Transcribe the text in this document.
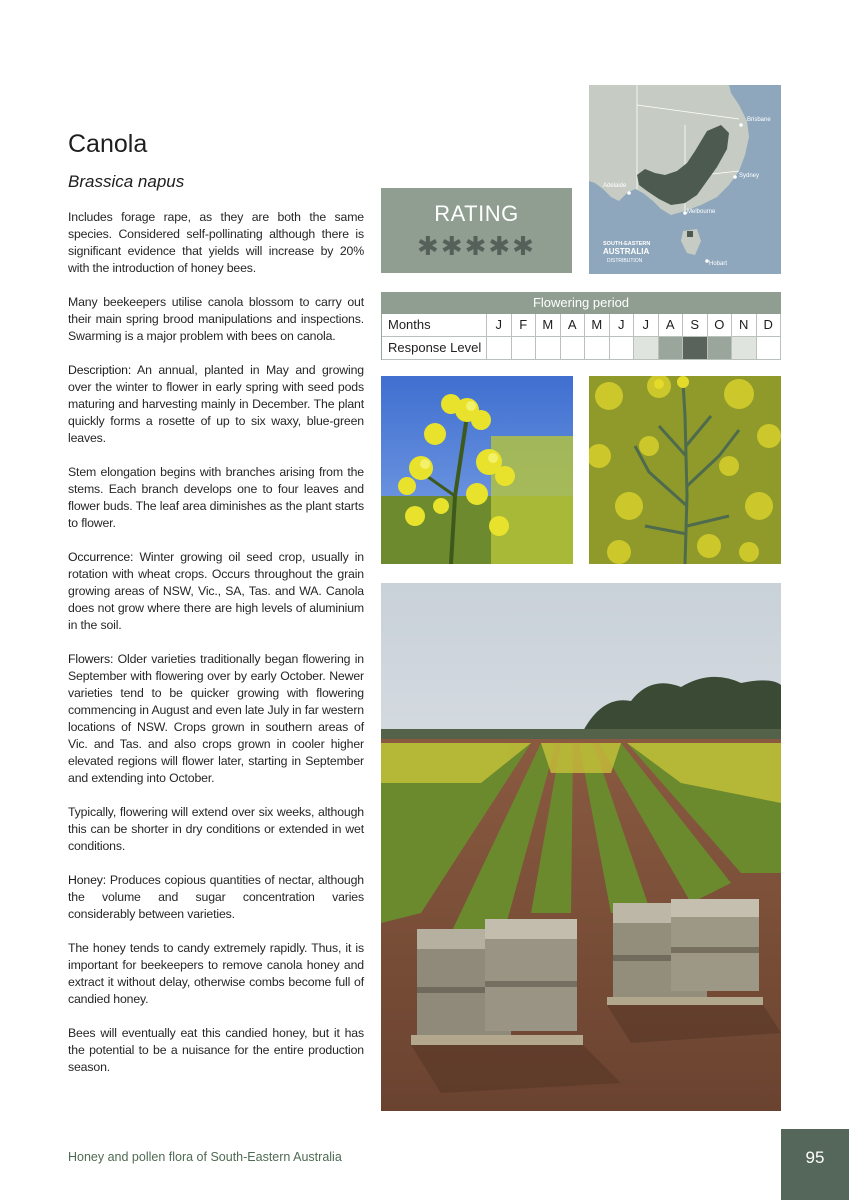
Canola
Brassica napus

Includes forage rape, as they are both the same species. Considered self-pollinating although there is significant evidence that yields will increase by 20% with the introduction of honey bees.

Many beekeepers utilise canola blossom to carry out their main spring brood manipulations and inspections. Swarming is a major problem with bees on canola.

Description: An annual, planted in May and growing over the winter to flower in early spring with seed pods maturing and harvesting mainly in December. The plant quickly forms a rosette of up to six waxy, blue-green leaves.

Stem elongation begins with branches arising from the stems. Each branch develops one to four leaves and flower buds. The leaf area diminishes as the plant starts to flower.

Occurrence: Winter growing oil seed crop, usually in rotation with wheat crops. Occurs throughout the grain growing areas of NSW, Vic., SA, Tas. and WA. Canola does not grow where there are high levels of aluminium in the soil.

Flowers: Older varieties traditionally began flowering in September with flowering over by early October. Newer varieties tend to be quicker growing with flowering commencing in August and even late July in far western locations of NSW. Crops grown in southern areas of Vic. and Tas. and also crops grown in cooler higher elevated regions will flower later, starting in September and extending into October.

Typically, flowering will extend over six weeks, although this can be shorter in dry conditions or extended in wet conditions.

Honey: Produces copious quantities of nectar, although the volume and sugar concentration varies considerably between varieties.

The honey tends to candy extremely rapidly. Thus, it is important for beekeepers to remove canola honey and extract it without delay, otherwise combs become full of candied honey.

Bees will eventually eat this candied honey, but it has the potential to be a nuisance for the entire production season.

RATING
✱✱✱✱✱
Brisbane
Sydney
Adelaide
Melbourne
Hobart
SOUTH-EASTERN
AUSTRALIA
DISTRIBUTION
Flowering period
Months	J	F	M	A	M	J	J	A	S	O	N	D
Response Level
Honey and pollen flora of South-Eastern Australia	95
